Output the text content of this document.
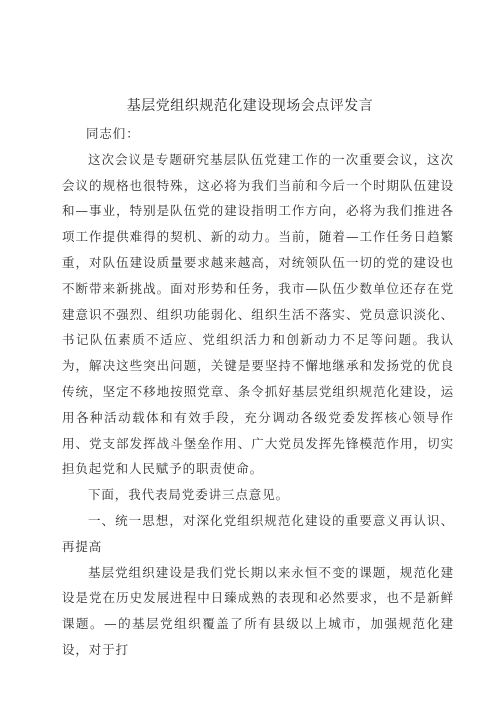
基层党组织规范化建设现场会点评发言

同志们：

这次会议是专题研究基层队伍党建工作的一次重要会议，这次会议的规格也很特殊，这必将为我们当前和今后一个时期队伍建设和—事业，特别是队伍党的建设指明工作方向，必将为我们推进各项工作提供难得的契机、新的动力。当前，随着—工作任务日趋繁重，对队伍建设质量要求越来越高，对统领队伍一切的党的建设也不断带来新挑战。面对形势和任务，我市—队伍少数单位还存在党建意识不强烈、组织功能弱化、组织生活不落实、党员意识淡化、书记队伍素质不适应、党组织活力和创新动力不足等问题。我认为，解决这些突出问题，关键是要坚持不懈地继承和发扬党的优良传统，坚定不移地按照党章、条令抓好基层党组织规范化建设，运用各种活动载体和有效手段，充分调动各级党委发挥核心领导作用、党支部发挥战斗堡垒作用、广大党员发挥先锋模范作用，切实担负起党和人民赋予的职责使命。

下面，我代表局党委讲三点意见。

一、统一思想，对深化党组织规范化建设的重要意义再认识、再提高

基层党组织建设是我们党长期以来永恒不变的课题，规范化建设是党在历史发展进程中日臻成熟的表现和必然要求，也不是新鲜课题。—的基层党组织覆盖了所有县级以上城市，加强规范化建设，对于打
